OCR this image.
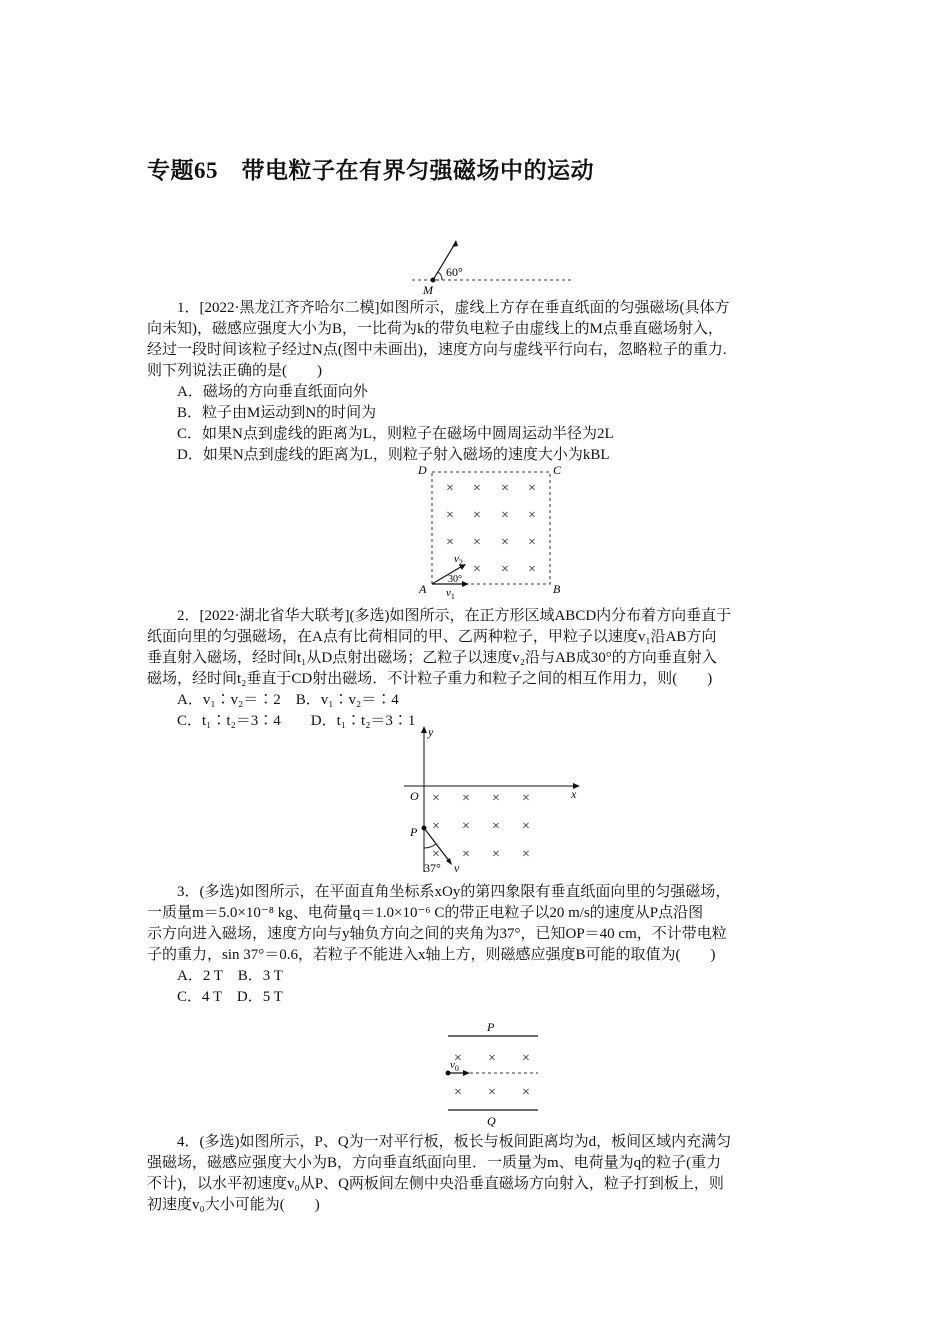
专题65　带电粒子在有界匀强磁场中的运动
60°
M

1．[2022·黑龙江齐齐哈尔二模]如图所示，虚线上方存在垂直纸面的匀强磁场(具体方

向未知)，磁感应强度大小为B，一比荷为k的带负电粒子由虚线上的M点垂直磁场射入，

经过一段时间该粒子经过N点(图中未画出)，速度方向与虚线平行向右，忽略粒子的重力.

则下列说法正确的是(　　)

A．磁场的方向垂直纸面向外

B．粒子由M运动到N的时间为

C．如果N点到虚线的距离为L，则粒子在磁场中圆周运动半径为2L

D．如果N点到虚线的距离为L，则粒子射入磁场的速度大小为kBL

D	C
A	B
× × × ×
× × × ×
× × × ×
× × ×
30°
$v_2$
$v_1$

2．[2022·湖北省华大联考](多选)如图所示，在正方形区域ABCD内分布着方向垂直于

纸面向里的匀强磁场，在A点有比荷相同的甲、乙两种粒子，甲粒子以速度v₁沿AB方向

垂直射入磁场，经时间t₁从D点射出磁场；乙粒子以速度v₂沿与AB成30°的方向垂直射入

磁场，经时间t₂垂直于CD射出磁场．不计粒子重力和粒子之间的相互作用力，则(　　)

A．v₁∶v₂＝∶2　B．v₁∶v₂＝∶4

C．t₁∶t₂＝3∶4　　D．t₁∶t₂＝3∶1

y
x
O
P
× × × ×
× × × ×
× × × ×
37° v

3．(多选)如图所示，在平面直角坐标系xOy的第四象限有垂直纸面向里的匀强磁场，

一质量m＝5.0×10⁻⁸ kg、电荷量q＝1.0×10⁻⁶ C的带正电粒子以20 m/s的速度从P点沿图

示方向进入磁场，速度方向与y轴负方向之间的夹角为37°，已知OP＝40 cm，不计带电粒

子的重力，sin 37°＝0.6，若粒子不能进入x轴上方，则磁感应强度B可能的取值为(　　)

A．2 T　B．3 T

C．4 T　D．5 T

P
× × ×
× × ×
$v_0$
Q

4．(多选)如图所示，P、Q为一对平行板，板长与板间距离均为d，板间区域内充满匀

强磁场，磁感应强度大小为B，方向垂直纸面向里．一质量为m、电荷量为q的粒子(重力

不计)，以水平初速度v₀从P、Q两板间左侧中央沿垂直磁场方向射入，粒子打到板上，则

初速度v₀大小可能为(　　)
